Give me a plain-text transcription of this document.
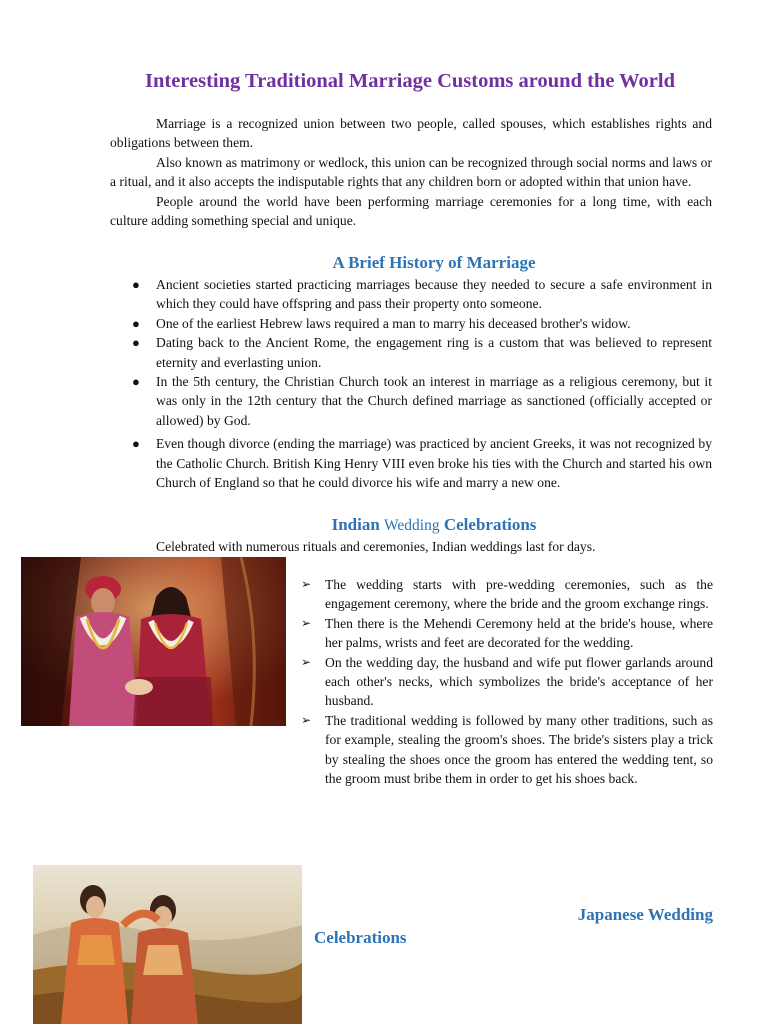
Interesting Traditional Marriage Customs around the World

Marriage is a recognized union between two people, called spouses, which establishes rights and obligations between them.

Also known as matrimony or wedlock, this union can be recognized through social norms and laws or a ritual, and it also accepts the indisputable rights that any children born or adopted within that union have.

People around the world have been performing marriage ceremonies for a long time, with each culture adding something special and unique.

A Brief History of Marriage
● Ancient societies started practicing marriages because they needed to secure a safe environment in which they could have offspring and pass their property onto someone.
● One of the earliest Hebrew laws required a man to marry his deceased brother's widow.
● Dating back to the Ancient Rome, the engagement ring is a custom that was believed to represent eternity and everlasting union.
● In the 5th century, the Christian Church took an interest in marriage as a religious ceremony, but it was only in the 12th century that the Church defined marriage as sanctioned (officially accepted or allowed) by God.
● Even though divorce (ending the marriage) was practiced by ancient Greeks, it was not recognized by the Catholic Church. British King Henry VIII even broke his ties with the Church and started his own Church of England so that he could divorce his wife and marry a new one.
Indian Wedding Celebrations

Celebrated with numerous rituals and ceremonies, Indian weddings last for days.

➢ The wedding starts with pre-wedding ceremonies, such as the engagement ceremony, where the bride and the groom exchange rings.
➢ Then there is the Mehendi Ceremony held at the bride's house, where her palms, wrists and feet are decorated for the wedding.
➢ On the wedding day, the husband and wife put flower garlands around each other's necks, which symbolizes the bride's acceptance of her husband.
➢ The traditional wedding is followed by many other traditions, such as for example, stealing the groom's shoes. The bride's sisters play a trick by stealing the shoes once the groom has entered the wedding tent, so the groom must bribe them in order to get his shoes back.

Japanese Wedding

Celebrations
